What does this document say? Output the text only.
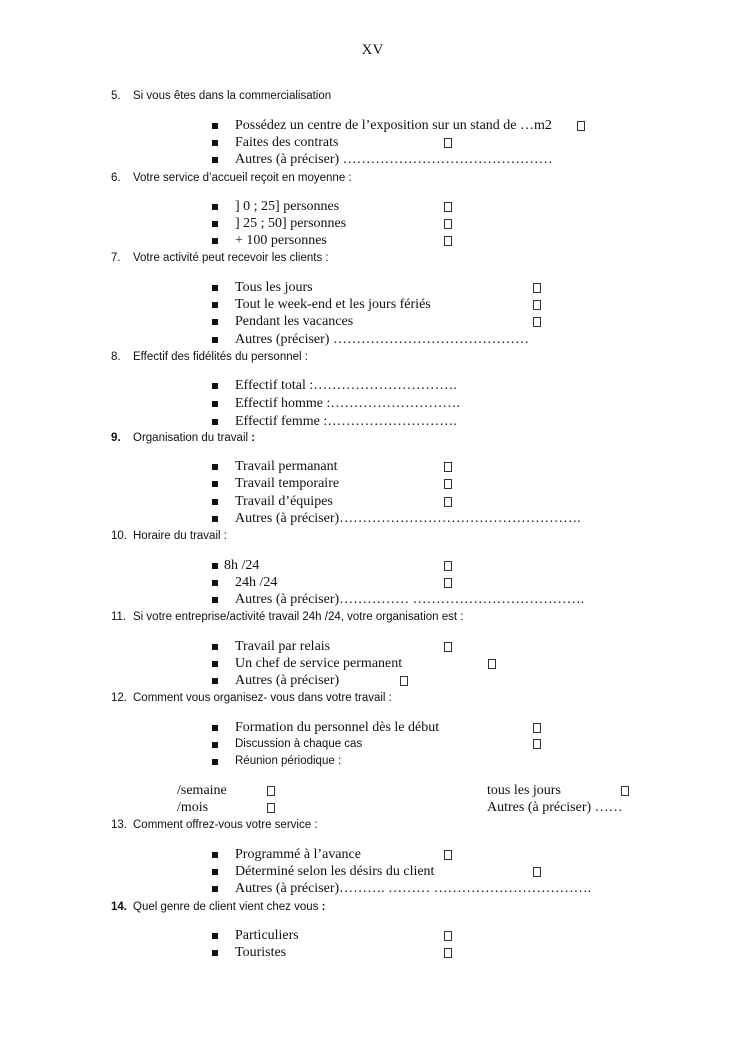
XV
5. Si vous êtes dans la commercialisation
Possédez un centre de l’exposition sur un stand de …m2
Faites des contrats
Autres (à préciser) ………………………………………
6. Votre service d’accueil reçoit en moyenne :
] 0 ; 25] personnes
] 25 ; 50] personnes
+ 100 personnes
7. Votre activité peut recevoir les clients :
Tous les jours
Tout le week-end et les jours fériés
Pendant les vacances
Autres (préciser) ……………………………………
8. Effectif des fidélités du personnel :
Effectif total :………………………….
Effectif homme :……………………….
Effectif femme :……………………….
9. Organisation du travail :
Travail permanant
Travail temporaire
Travail d’équipes
Autres (à préciser)…………………………………………….
10. Horaire du travail :
8h /24
24h /24
Autres (à préciser)…………… ……………………………….
11. Si votre entreprise/activité travail 24h /24, votre organisation est :
Travail par relais
Un chef de service permanent
Autres (à préciser)
12. Comment vous organisez- vous dans votre travail :
Formation du personnel dès le début
Discussion à chaque cas
Réunion périodique :
/semaine
/mois
tous les jours
Autres (à préciser) ……
13. Comment offrez-vous votre service :
Programmé à l’avance
Déterminé selon les désirs du client
Autres (à préciser)………. ……… …………………………….
14. Quel genre de client vient chez vous :
Particuliers
Touristes
